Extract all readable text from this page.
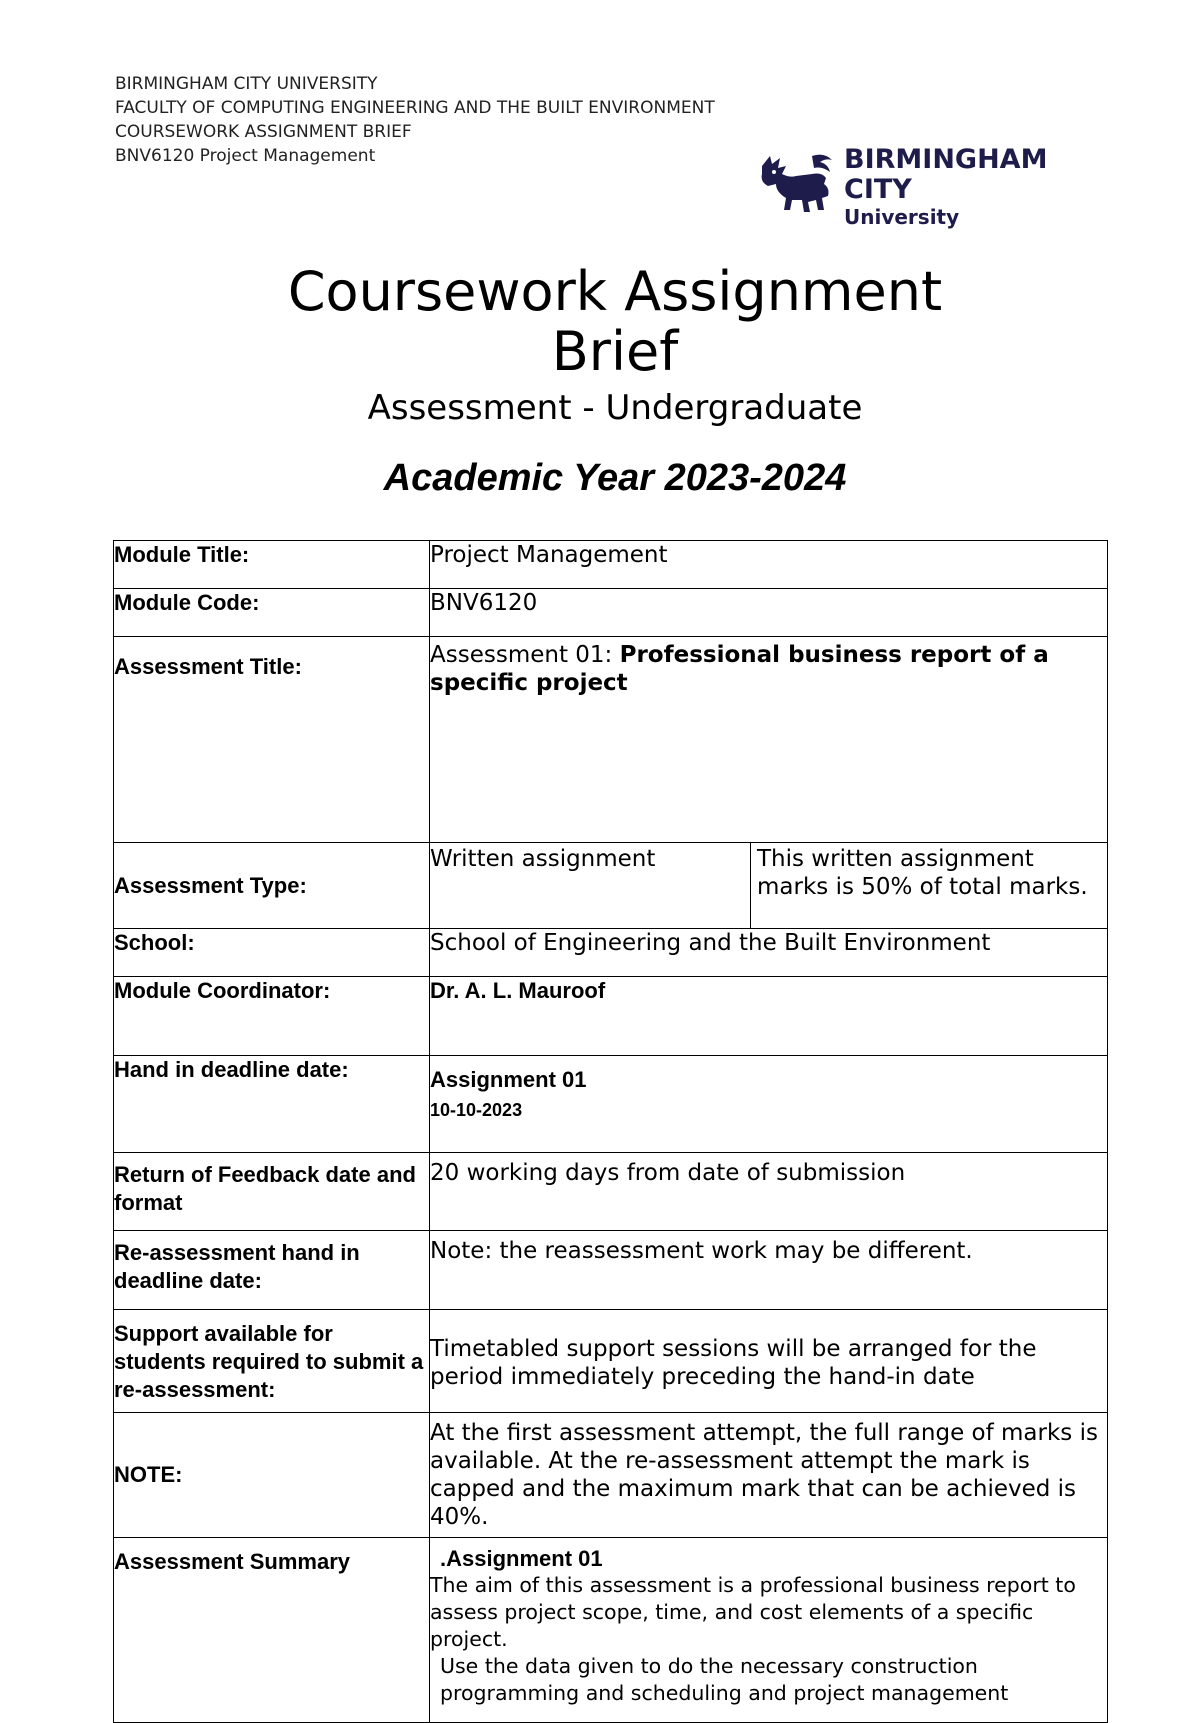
BIRMINGHAM CITY UNIVERSITY
FACULTY OF COMPUTING ENGINEERING AND THE BUILT ENVIRONMENT
COURSEWORK ASSIGNMENT BRIEF
BNV6120 Project Management	BIRMINGHAM CITY
University
Coursework Assignment
Brief
Assessment - Undergraduate
Academic Year 2023-2024
Module Title:	Project Management	
Module Code:	BNV6120	
Assessment Title:	Assessment 01: Professional business report of a specific project	
Assessment Type:	Written assignment	This written assignment marks is 50% of total marks.
School:	School of Engineering and the Built Environment	
Module Coordinator:	Dr. A. L. Mauroof	
Hand in deadline date:	Assignment 01
10-10-2023	

Return of Feedback date and format	20 working days from date of submission	
Re-assessment hand in deadline date:	Note: the reassessment work may be different.	
Support available for students required to submit a re-assessment:	Timetabled support sessions will be arranged for the period immediately preceding the hand-in date	
NOTE:	At the first assessment attempt, the full range of marks is available. At the re-assessment attempt the mark is capped and the maximum mark that can be achieved is 40%.	
Assessment Summary	.Assignment 01
The aim of this assessment is a professional business report to assess project scope, time, and cost elements of a specific project.
Use the data given to do the necessary construction programming and scheduling and project management	
